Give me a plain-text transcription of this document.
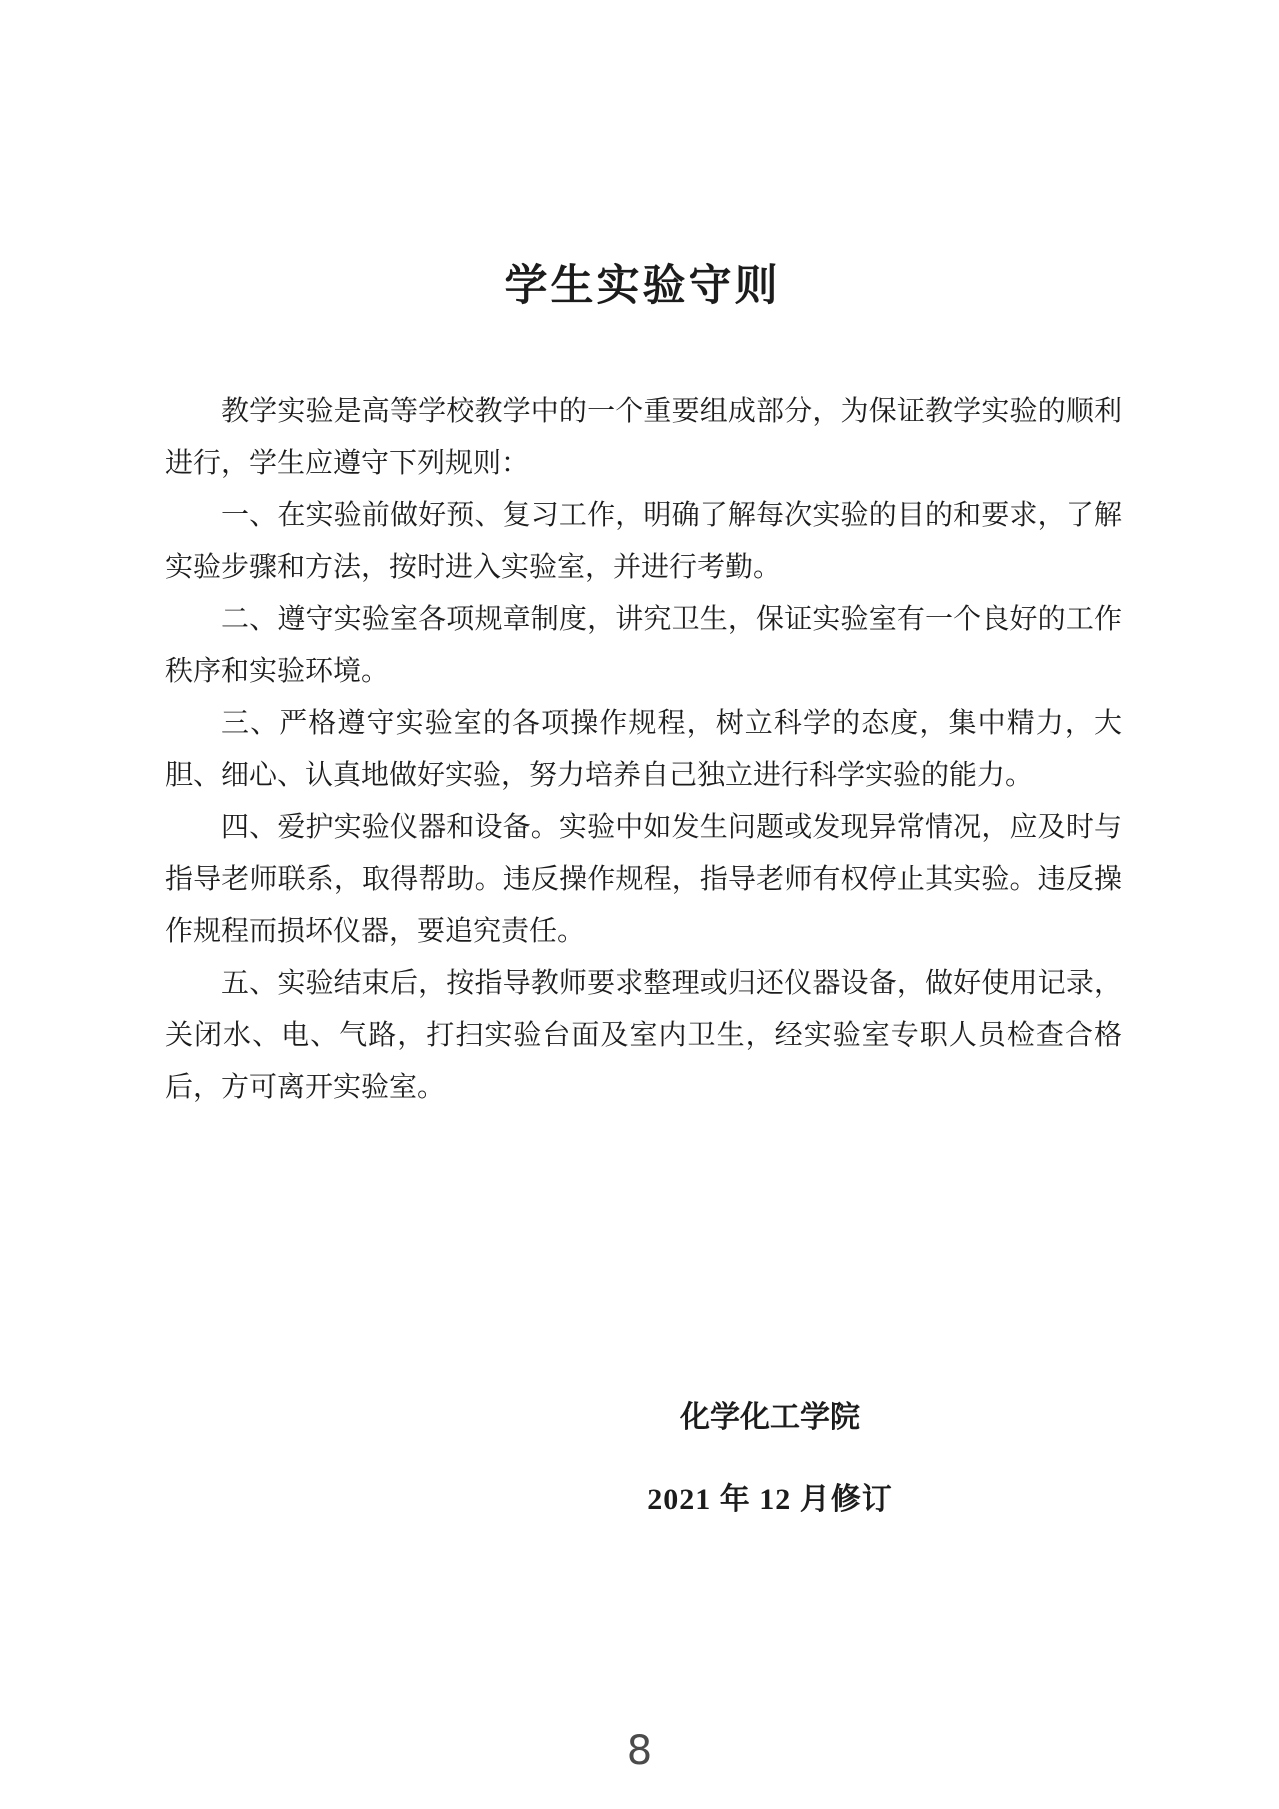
学生实验守则

教学实验是高等学校教学中的一个重要组成部分，为保证教学实验的顺利进行，学生应遵守下列规则：

一、在实验前做好预、复习工作，明确了解每次实验的目的和要求，了解实验步骤和方法，按时进入实验室，并进行考勤。

二、遵守实验室各项规章制度，讲究卫生，保证实验室有一个良好的工作秩序和实验环境。

三、严格遵守实验室的各项操作规程，树立科学的态度，集中精力，大胆、细心、认真地做好实验，努力培养自己独立进行科学实验的能力。

四、爱护实验仪器和设备。实验中如发生问题或发现异常情况，应及时与指导老师联系，取得帮助。违反操作规程，指导老师有权停止其实验。违反操作规程而损坏仪器，要追究责任。

五、实验结束后，按指导教师要求整理或归还仪器设备，做好使用记录，关闭水、电、气路，打扫实验台面及室内卫生，经实验室专职人员检查合格后，方可离开实验室。

化学化工学院

2021 年 12 月修订

8
